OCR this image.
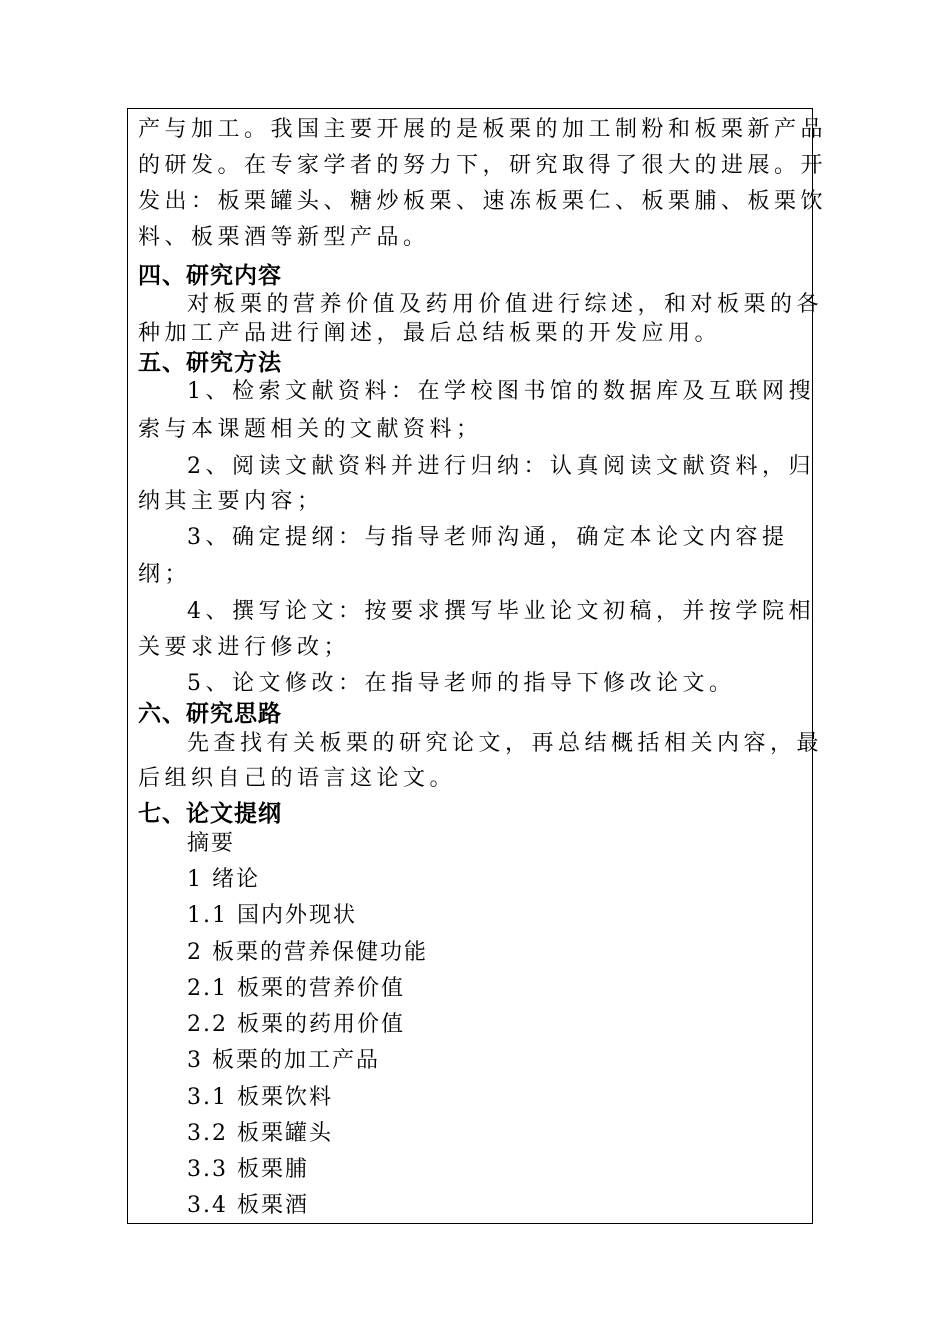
产与加工。我国主要开展的是板栗的加工制粉和板栗新产品
的研发。在专家学者的努力下，研究取得了很大的进展。开
发出：板栗罐头、糖炒板栗、速冻板栗仁、板栗脯、板栗饮
料、板栗酒等新型产品。
四、研究内容
对板栗的营养价值及药用价值进行综述，和对板栗的各
种加工产品进行阐述，最后总结板栗的开发应用。
五、研究方法
1、检索文献资料：在学校图书馆的数据库及互联网搜
索与本课题相关的文献资料；
2、阅读文献资料并进行归纳：认真阅读文献资料，归
纳其主要内容；
3、确定提纲：与指导老师沟通，确定本论文内容提
纲；
4、撰写论文：按要求撰写毕业论文初稿，并按学院相
关要求进行修改；
5、论文修改：在指导老师的指导下修改论文。
六、研究思路
先查找有关板栗的研究论文，再总结概括相关内容，最
后组织自己的语言这论文。
七、论文提纲
摘要
1 绪论
1.1 国内外现状
2 板栗的营养保健功能
2.1 板栗的营养价值
2.2 板栗的药用价值
3 板栗的加工产品
3.1 板栗饮料
3.2 板栗罐头
3.3 板栗脯
3.4 板栗酒
